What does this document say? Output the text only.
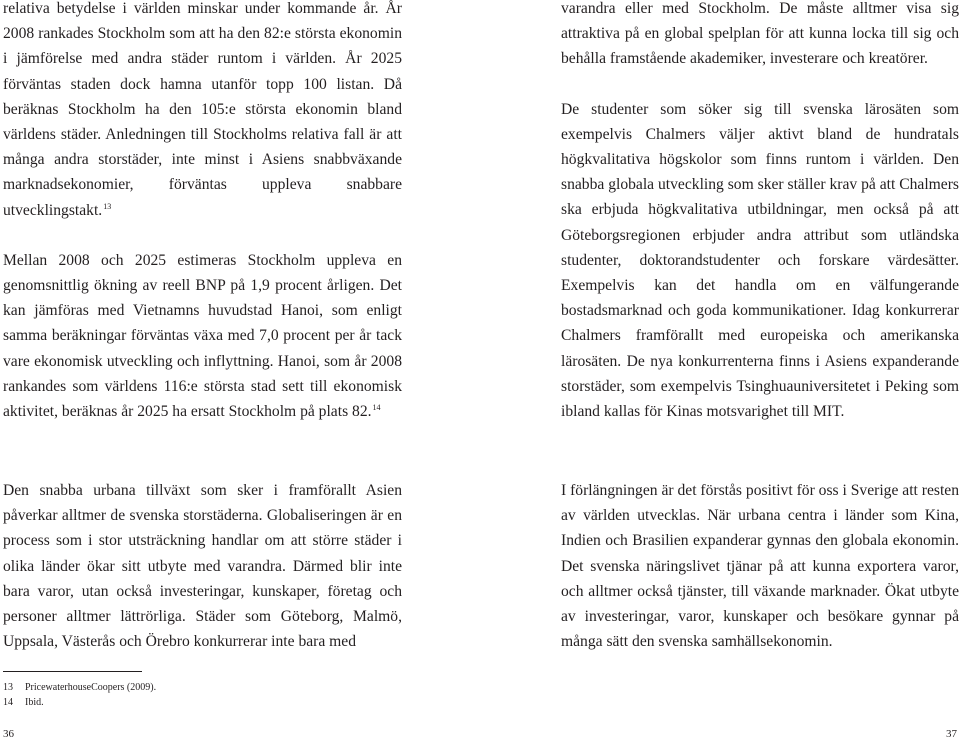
relativa betydelse i världen minskar under kommande år. År 2008 rankades Stockholm som att ha den 82:e största ekonomin i jämförelse med andra städer runtom i världen. År 2025 förväntas staden dock hamna utanför topp 100 listan. Då beräknas Stockholm ha den 105:e största ekonomin bland världens städer. Anledningen till Stockholms relativa fall är att många andra storstäder, inte minst i Asiens snabbväxande marknadsekonomier, förväntas uppleva snabbare utvecklingstakt.$^{13}$

Mellan 2008 och 2025 estimeras Stockholm uppleva en genomsnittlig ökning av reell BNP på 1,9 procent årligen. Det kan jämföras med Vietnamns huvudstad Hanoi, som enligt samma beräkningar förväntas växa med 7,0 procent per år tack vare ekonomisk utveckling och inflyttning. Hanoi, som år 2008 rankandes som världens 116:e största stad sett till ekonomisk aktivitet, beräknas år 2025 ha ersatt Stockholm på plats 82.14

Den snabba urbana tillväxt som sker i framförallt Asien påverkar alltmer de svenska storstäderna. Globaliseringen är en process som i stor utsträckning handlar om att större städer i olika länder ökar sitt utbyte med varandra. Därmed blir inte bara varor, utan också investeringar, kunskaper, företag och personer alltmer lättrörliga. Städer som Göteborg, Malmö, Uppsala, Västerås och Örebro konkurrerar inte bara med

varandra eller med Stockholm. De måste alltmer visa sig attraktiva på en global spelplan för att kunna locka till sig och behålla framstående akademiker, investerare och kreatörer.

De studenter som söker sig till svenska lärosäten som exempelvis Chalmers väljer aktivt bland de hundratals högkvalitativa högskolor som finns runtom i världen. Den snabba globala utveckling som sker ställer krav på att Chalmers ska erbjuda högkvalitativa utbildningar, men också på att Göteborgsregionen erbjuder andra attribut som utländska studenter, doktorandstudenter och forskare värdesätter. Exempelvis kan det handla om en välfungerande bostadsmarknad och goda kommunikationer. Idag konkurrerar Chalmers framförallt med europeiska och amerikanska lärosäten. De nya konkurrenterna finns i Asiens expanderande storstäder, som exempelvis Tsinghuauniversitetet i Peking som ibland kallas för Kinas motsvarighet till MIT.

I förlängningen är det förstås positivt för oss i Sverige att resten av världen utvecklas. När urbana centra i länder som Kina, Indien och Brasilien expanderar gynnas den globala ekonomin. Det svenska näringslivet tjänar på att kunna exportera varor, och alltmer också tjänster, till växande marknader. Ökat utbyte av investeringar, varor, kunskaper och besökare gynnar på många sätt den svenska samhällsekonomin.

13 PricewaterhouseCoopers (2009).
14 Ibid.
36	37
